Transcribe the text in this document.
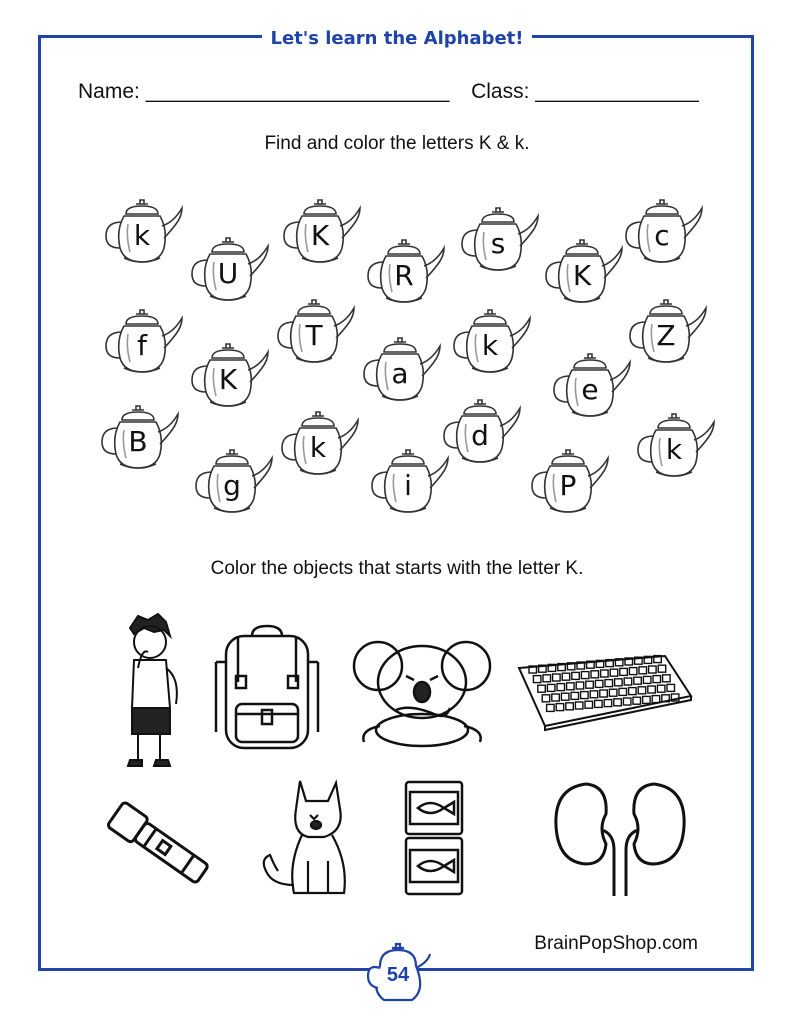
Let's learn the Alphabet!
Name: __________________________ Class: ______________
Find and color the letters K & k.
k
U
K
R
s
K
c
f
K
T
a
k
e
Z
B
g
k
i
d
P
k
Color the objects that starts with the letter K.
BrainPopShop.com
54
